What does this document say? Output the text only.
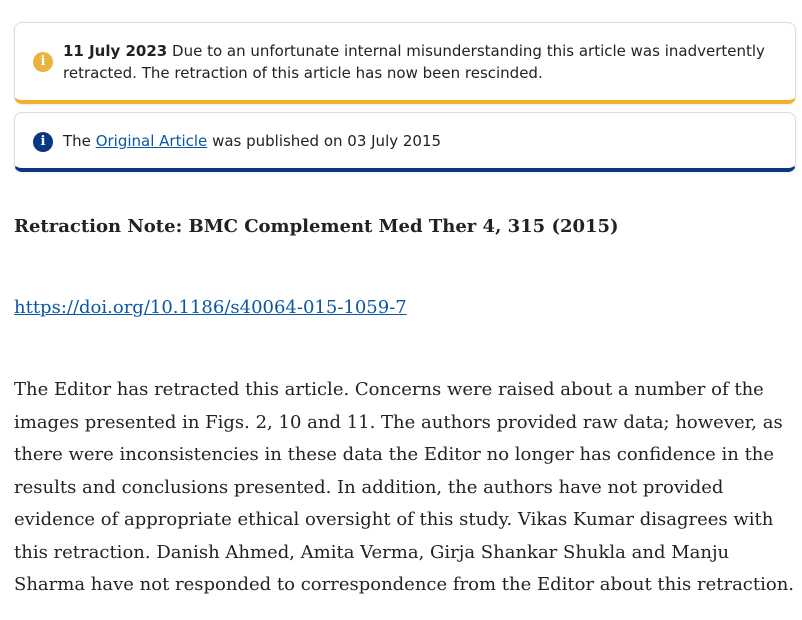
i
11 July 2023 Due to an unfortunate internal misunderstanding this article was inadvertently retracted. The retraction of this article has now been rescinded.
i	The Original Article was published on 03 July 2015
Retraction Note: BMC Complement Med Ther 4, 315 (2015)
https://doi.org/10.1186/s40064-015-1059-7

The Editor has retracted this article. Concerns were raised about a number of the images presented in Figs. 2, 10 and 11. The authors provided raw data; however, as there were inconsistencies in these data the Editor no longer has confidence in the results and conclusions presented. In addition, the authors have not provided evidence of appropriate ethical oversight of this study. Vikas Kumar disagrees with this retraction. Danish Ahmed, Amita Verma, Girja Shankar Shukla and Manju Sharma have not responded to correspondence from the Editor about this retraction.
